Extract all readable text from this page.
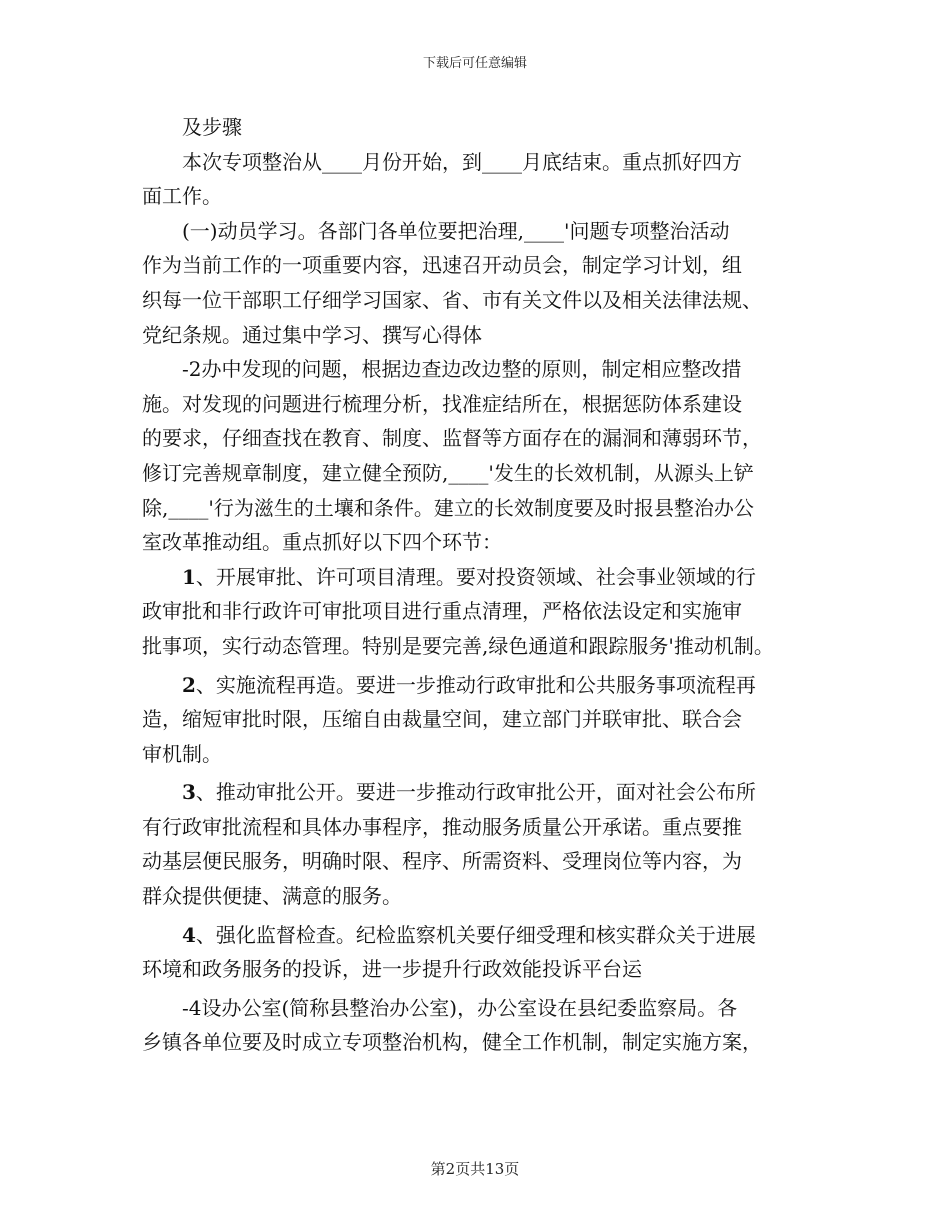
下载后可任意编辑
及步骤
本次专项整治从____月份开始，到____月底结束。重点抓好四方
面工作。
(一)动员学习。各部门各单位要把治理,____'问题专项整治活动
作为当前工作的一项重要内容，迅速召开动员会，制定学习计划，组
织每一位干部职工仔细学习国家、省、市有关文件以及相关法律法规、
党纪条规。通过集中学习、撰写心得体
-2办中发现的问题，根据边查边改边整的原则，制定相应整改措
施。对发现的问题进行梳理分析，找准症结所在，根据惩防体系建设
的要求，仔细查找在教育、制度、监督等方面存在的漏洞和薄弱环节，
修订完善规章制度，建立健全预防,____'发生的长效机制，从源头上铲
除,____'行为滋生的土壤和条件。建立的长效制度要及时报县整治办公
室改革推动组。重点抓好以下四个环节：
1、开展审批、许可项目清理。要对投资领域、社会事业领域的行
政审批和非行政许可审批项目进行重点清理，严格依法设定和实施审
批事项，实行动态管理。特别是要完善,绿色通道和跟踪服务'推动机制。
2、实施流程再造。要进一步推动行政审批和公共服务事项流程再
造，缩短审批时限，压缩自由裁量空间，建立部门并联审批、联合会
审机制。
3、推动审批公开。要进一步推动行政审批公开，面对社会公布所
有行政审批流程和具体办事程序，推动服务质量公开承诺。重点要推
动基层便民服务，明确时限、程序、所需资料、受理岗位等内容，为
群众提供便捷、满意的服务。
4、强化监督检查。纪检监察机关要仔细受理和核实群众关于进展
环境和政务服务的投诉，进一步提升行政效能投诉平台运
-4设办公室(简称县整治办公室)，办公室设在县纪委监察局。各
乡镇各单位要及时成立专项整治机构，健全工作机制，制定实施方案，
第2页共13页
